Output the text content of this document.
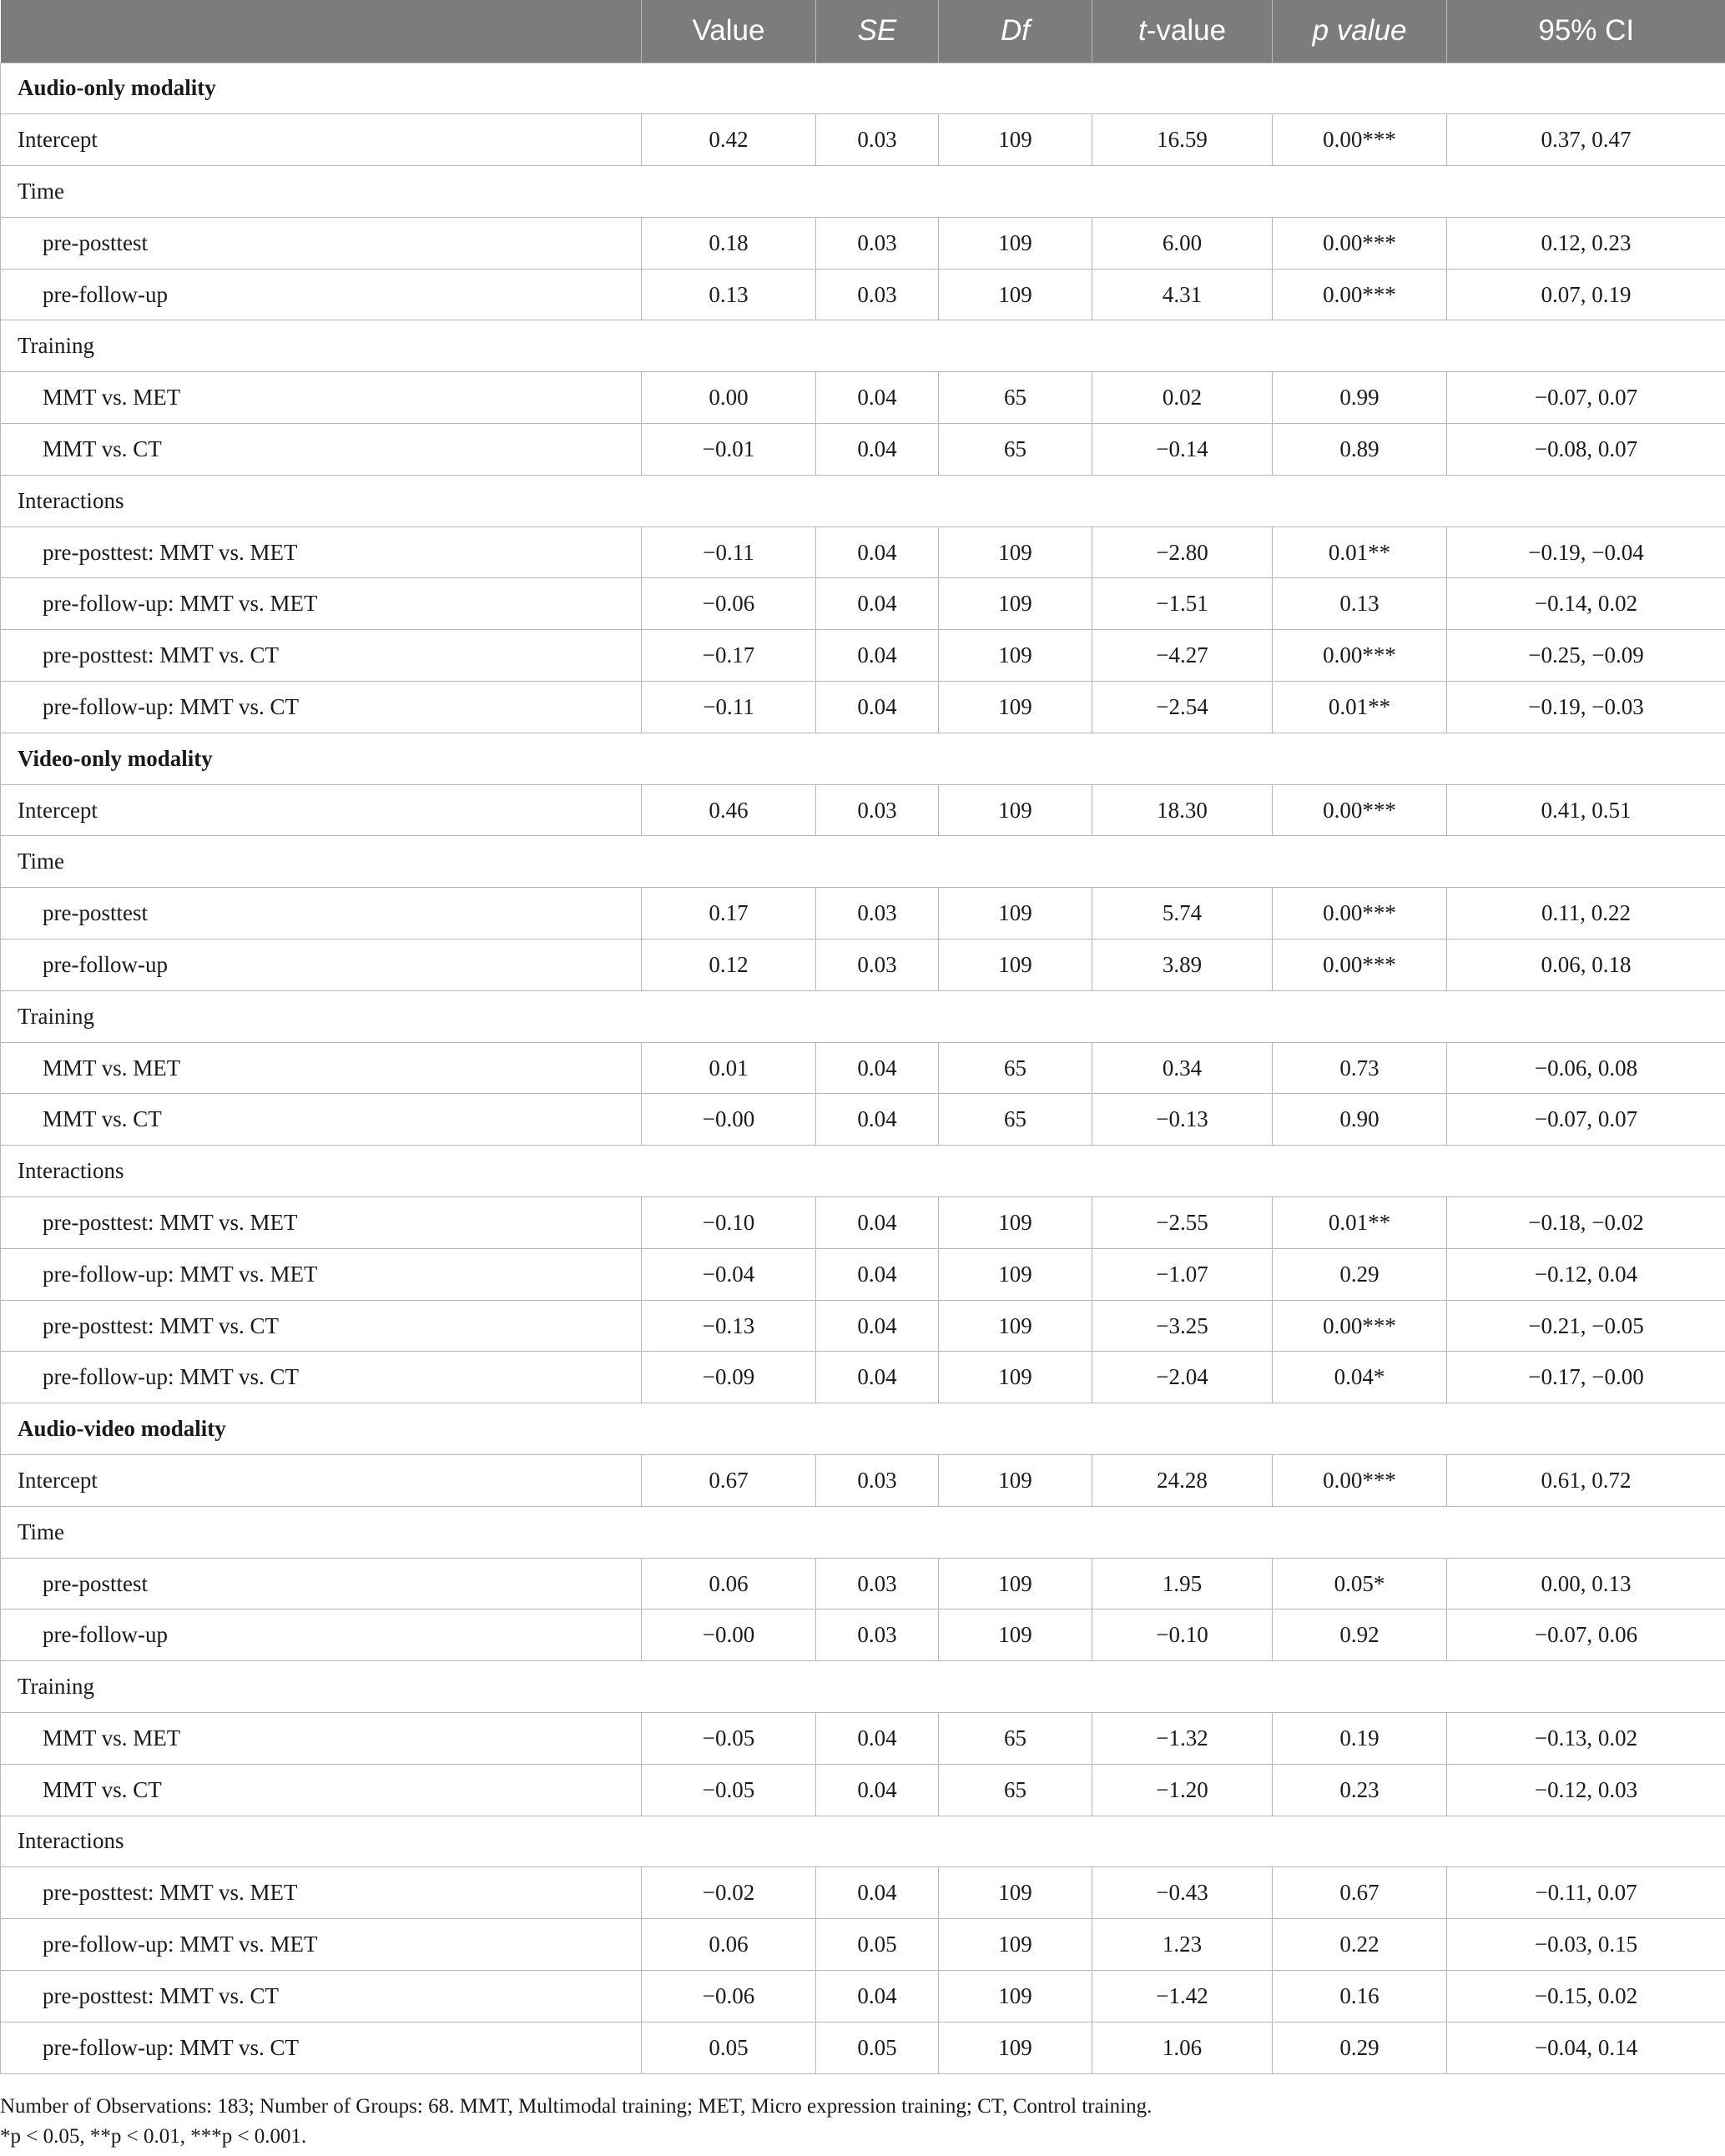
	Value	SE	Df	t-value	p value	95% CI
Audio-only modality						
Intercept	0.42	0.03	109	16.59	0.00***	0.37, 0.47
Time						
pre-posttest	0.18	0.03	109	6.00	0.00***	0.12, 0.23
pre-follow-up	0.13	0.03	109	4.31	0.00***	0.07, 0.19
Training						
MMT vs. MET	0.00	0.04	65	0.02	0.99	−0.07, 0.07
MMT vs. CT	−0.01	0.04	65	−0.14	0.89	−0.08, 0.07
Interactions						
pre-posttest: MMT vs. MET	−0.11	0.04	109	−2.80	0.01**	−0.19, −0.04
pre-follow-up: MMT vs. MET	−0.06	0.04	109	−1.51	0.13	−0.14, 0.02
pre-posttest: MMT vs. CT	−0.17	0.04	109	−4.27	0.00***	−0.25, −0.09
pre-follow-up: MMT vs. CT	−0.11	0.04	109	−2.54	0.01**	−0.19, −0.03
Video-only modality						
Intercept	0.46	0.03	109	18.30	0.00***	0.41, 0.51
Time						
pre-posttest	0.17	0.03	109	5.74	0.00***	0.11, 0.22
pre-follow-up	0.12	0.03	109	3.89	0.00***	0.06, 0.18
Training						
MMT vs. MET	0.01	0.04	65	0.34	0.73	−0.06, 0.08
MMT vs. CT	−0.00	0.04	65	−0.13	0.90	−0.07, 0.07
Interactions						
pre-posttest: MMT vs. MET	−0.10	0.04	109	−2.55	0.01**	−0.18, −0.02
pre-follow-up: MMT vs. MET	−0.04	0.04	109	−1.07	0.29	−0.12, 0.04
pre-posttest: MMT vs. CT	−0.13	0.04	109	−3.25	0.00***	−0.21, −0.05
pre-follow-up: MMT vs. CT	−0.09	0.04	109	−2.04	0.04*	−0.17, −0.00
Audio-video modality						
Intercept	0.67	0.03	109	24.28	0.00***	0.61, 0.72
Time						
pre-posttest	0.06	0.03	109	1.95	0.05*	0.00, 0.13
pre-follow-up	−0.00	0.03	109	−0.10	0.92	−0.07, 0.06
Training						
MMT vs. MET	−0.05	0.04	65	−1.32	0.19	−0.13, 0.02
MMT vs. CT	−0.05	0.04	65	−1.20	0.23	−0.12, 0.03
Interactions						
pre-posttest: MMT vs. MET	−0.02	0.04	109	−0.43	0.67	−0.11, 0.07
pre-follow-up: MMT vs. MET	0.06	0.05	109	1.23	0.22	−0.03, 0.15
pre-posttest: MMT vs. CT	−0.06	0.04	109	−1.42	0.16	−0.15, 0.02
pre-follow-up: MMT vs. CT	0.05	0.05	109	1.06	0.29	−0.04, 0.14
Number of Observations: 183; Number of Groups: 68. MMT, Multimodal training; MET, Micro expression training; CT, Control training.
*p < 0.05, **p < 0.01, ***p < 0.001.
